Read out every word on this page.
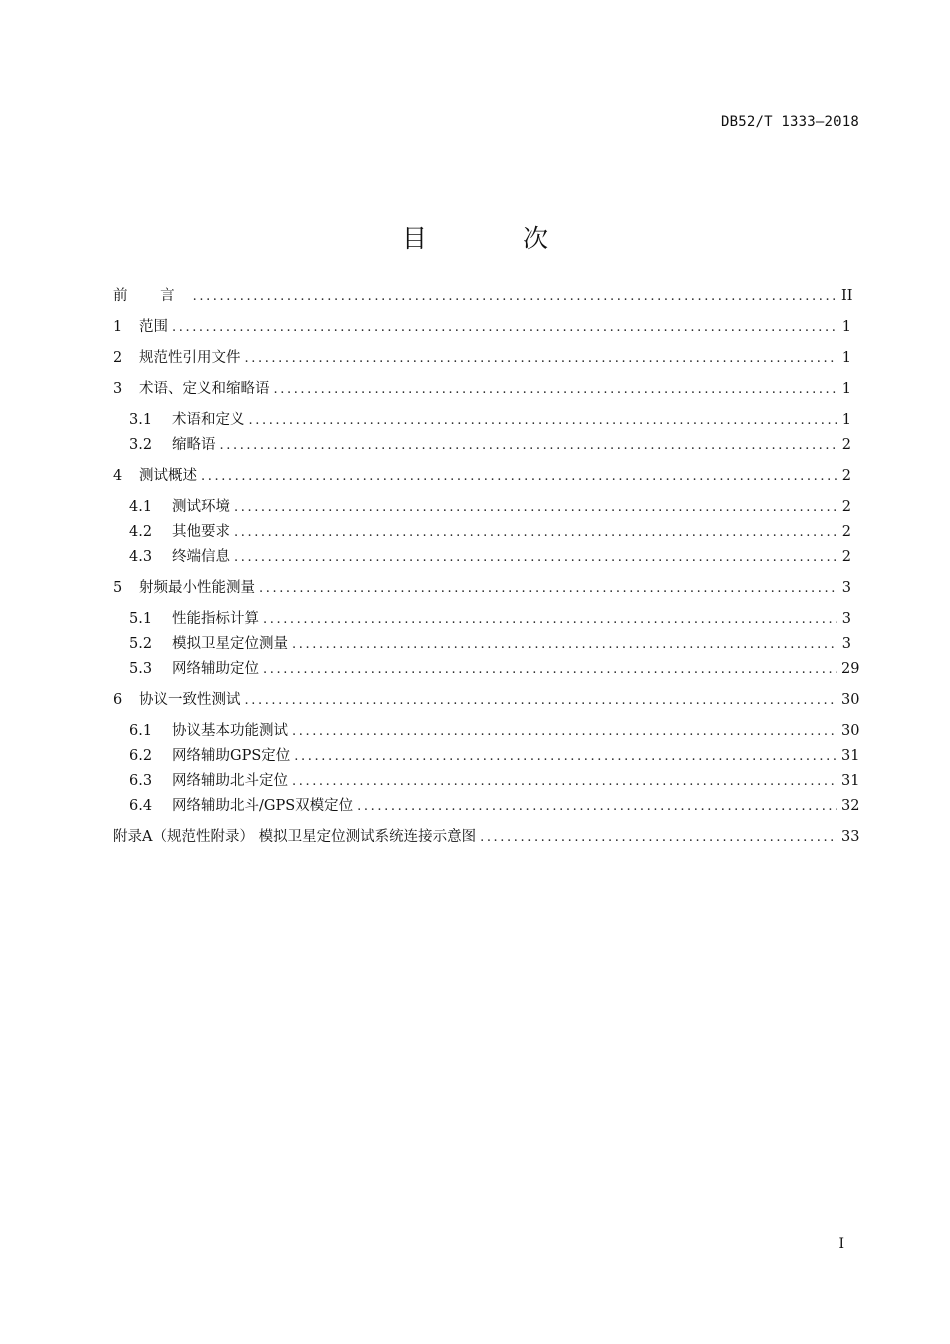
DB52/T 1333—2018
目 次
前 言 .....	II
1	范围 .....	1
2	规范性引用文件 .....	1
3	术语、定义和缩略语 .....	1
3.1	术语和定义 .....	1
3.2	缩略语 .....	2
4	测试概述 .....	2
4.1	测试环境 .....	2
4.2	其他要求 .....	2
4.3	终端信息 .....	2
5	射频最小性能测量 .....	3
5.1	性能指标计算 .....	3
5.2	模拟卫星定位测量 .....	3
5.3	网络辅助定位 .....	29
6	协议一致性测试 .....	30
6.1	协议基本功能测试 .....	30
6.2	网络辅助GPS定位 .....	31
6.3	网络辅助北斗定位 .....	31
6.4	网络辅助北斗/GPS双模定位 .....	32
附录A（规范性附录） 模拟卫星定位测试系统连接示意图 .....	33
I
